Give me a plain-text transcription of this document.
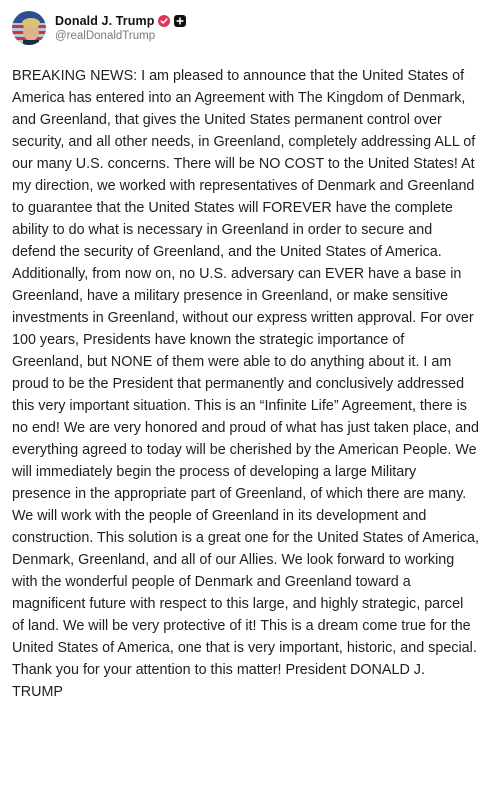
Donald J. Trump
@realDonaldTrump
BREAKING NEWS: I am pleased to announce that the United States of America has entered into an Agreement with The Kingdom of Denmark, and Greenland, that gives the United States permanent control over security, and all other needs, in Greenland, completely addressing ALL of our many U.S. concerns. There will be NO COST to the United States! At my direction, we worked with representatives of Denmark and Greenland to guarantee that the United States will FOREVER have the complete ability to do what is necessary in Greenland in order to secure and defend the security of Greenland, and the United States of America. Additionally, from now on, no U.S. adversary can EVER have a base in Greenland, have a military presence in Greenland, or make sensitive investments in Greenland, without our express written approval. For over 100 years, Presidents have known the strategic importance of Greenland, but NONE of them were able to do anything about it. I am proud to be the President that permanently and conclusively addressed this very important situation. This is an “Infinite Life” Agreement, there is no end! We are very honored and proud of what has just taken place, and everything agreed to today will be cherished by the American People. We will immediately begin the process of developing a large Military presence in the appropriate part of Greenland, of which there are many. We will work with the people of Greenland in its development and construction. This solution is a great one for the United States of America, Denmark, Greenland, and all of our Allies. We look forward to working with the wonderful people of Denmark and Greenland toward a magnificent future with respect to this large, and highly strategic, parcel of land. We will be very protective of it! This is a dream come true for the United States of America, one that is very important, historic, and special. Thank you for your attention to this matter! President DONALD J. TRUMP
